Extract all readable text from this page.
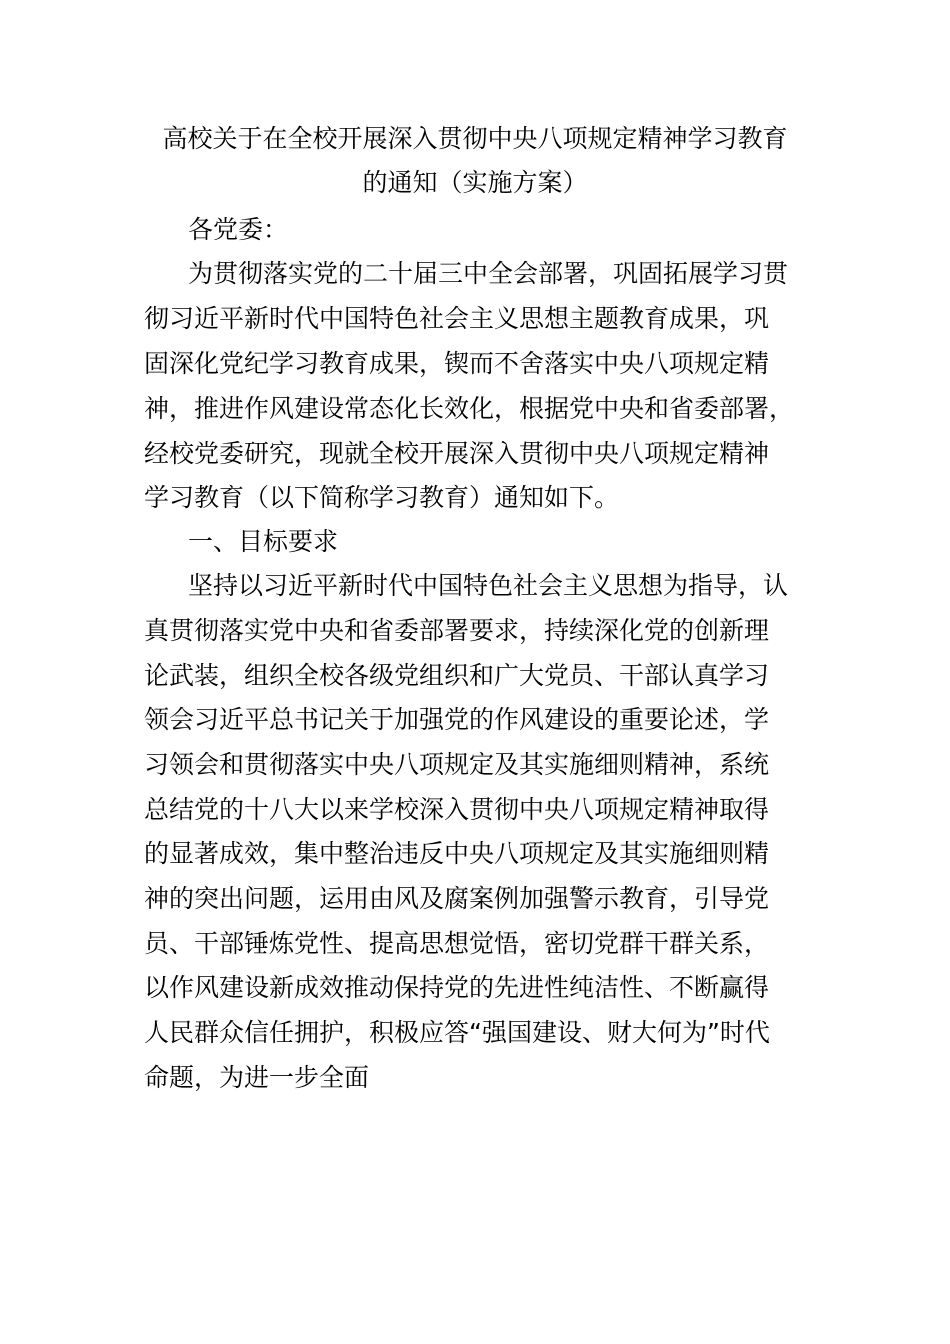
高校关于在全校开展深入贯彻中央八项规定精神学习教育
的通知（实施方案）
各党委：
为贯彻落实党的二十届三中全会部署，巩固拓展学习贯
彻习近平新时代中国特色社会主义思想主题教育成果，巩
固深化党纪学习教育成果，锲而不舍落实中央八项规定精
神，推进作风建设常态化长效化，根据党中央和省委部署，
经校党委研究，现就全校开展深入贯彻中央八项规定精神
学习教育（以下简称学习教育）通知如下。
一、目标要求
坚持以习近平新时代中国特色社会主义思想为指导，认
真贯彻落实党中央和省委部署要求，持续深化党的创新理
论武装，组织全校各级党组织和广大党员、干部认真学习
领会习近平总书记关于加强党的作风建设的重要论述，学
习领会和贯彻落实中央八项规定及其实施细则精神，系统
总结党的十八大以来学校深入贯彻中央八项规定精神取得
的显著成效，集中整治违反中央八项规定及其实施细则精
神的突出问题，运用由风及腐案例加强警示教育，引导党
员、干部锤炼党性、提高思想觉悟，密切党群干群关系，
以作风建设新成效推动保持党的先进性纯洁性、不断赢得
人民群众信任拥护，积极应答“强国建设、财大何为”时代
命题，为进一步全面
